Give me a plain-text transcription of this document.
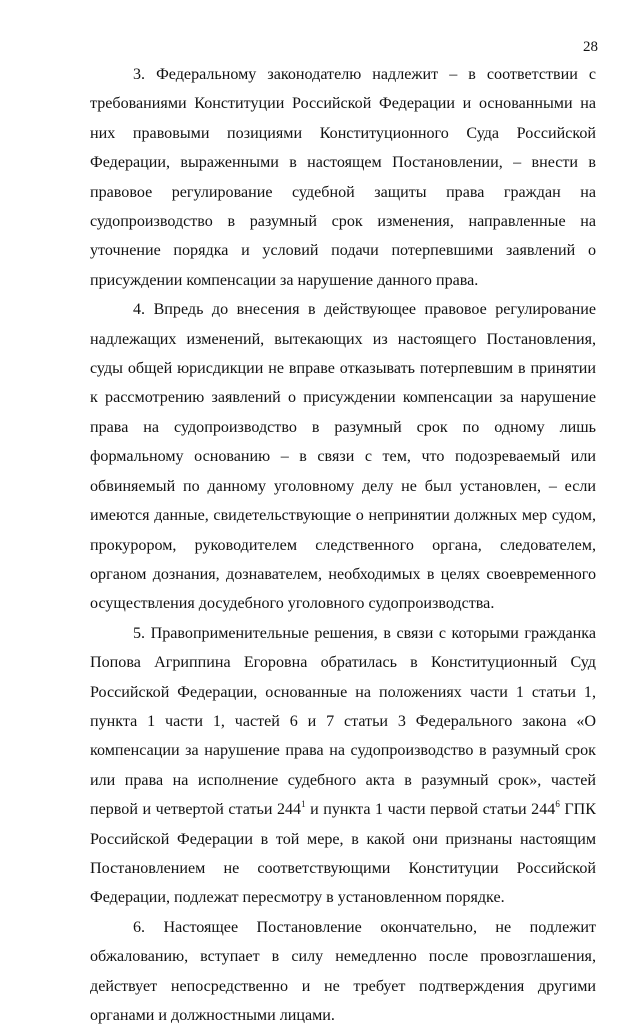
28

3. Федеральному законодателю надлежит – в соответствии с требованиями Конституции Российской Федерации и основанными на них правовыми позициями Конституционного Суда Российской Федерации, выраженными в настоящем Постановлении, – внести в правовое регулирование судебной защиты права граждан на судопроизводство в разумный срок изменения, направленные на уточнение порядка и условий подачи потерпевшими заявлений о присуждении компенсации за нарушение данного права.

4. Впредь до внесения в действующее правовое регулирование надлежащих изменений, вытекающих из настоящего Постановления, суды общей юрисдикции не вправе отказывать потерпевшим в принятии к рассмотрению заявлений о присуждении компенсации за нарушение права на судопроизводство в разумный срок по одному лишь формальному основанию – в связи с тем, что подозреваемый или обвиняемый по данному уголовному делу не был установлен, – если имеются данные, свидетельствующие о непринятии должных мер судом, прокурором, руководителем следственного органа, следователем, органом дознания, дознавателем, необходимых в целях своевременного осуществления досудебного уголовного судопроизводства.

5. Правоприменительные решения, в связи с которыми гражданка Попова Агриппина Егоровна обратилась в Конституционный Суд Российской Федерации, основанные на положениях части 1 статьи 1, пункта 1 части 1, частей 6 и 7 статьи 3 Федерального закона «О компенсации за нарушение права на судопроизводство в разумный срок или права на исполнение судебного акта в разумный срок», частей первой и четвертой статьи $244^1$ и пункта 1 части первой статьи $244^6$ ГПК Российской Федерации в той мере, в какой они признаны настоящим Постановлением не соответствующими Конституции Российской Федерации, подлежат пересмотру в установленном порядке.

6. Настоящее Постановление окончательно, не подлежит обжалованию, вступает в силу немедленно после провозглашения, действует непосредственно и не требует подтверждения другими органами и должностными лицами.
